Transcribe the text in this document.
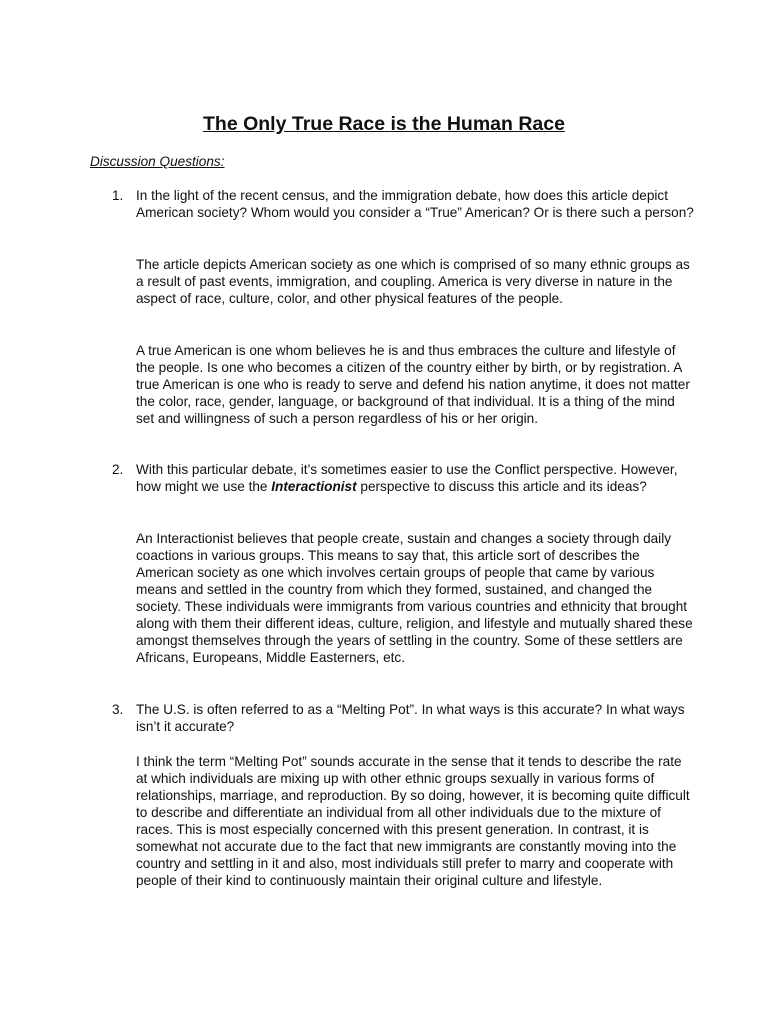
The Only True Race is the Human Race
Discussion Questions:
1. In the light of the recent census, and the immigration debate, how does this article depict American society? Whom would you consider a “True” American? Or is there such a person?
The article depicts American society as one which is comprised of so many ethnic groups as a result of past events, immigration, and coupling. America is very diverse in nature in the aspect of race, culture, color, and other physical features of the people.
A true American is one whom believes he is and thus embraces the culture and lifestyle of the people. Is one who becomes a citizen of the country either by birth, or by registration. A true American is one who is ready to serve and defend his nation anytime, it does not matter the color, race, gender, language, or background of that individual. It is a thing of the mind set and willingness of such a person regardless of his or her origin.
2. With this particular debate, it’s sometimes easier to use the Conflict perspective. However, how might we use the Interactionist perspective to discuss this article and its ideas?
An Interactionist believes that people create, sustain and changes a society through daily coactions in various groups. This means to say that, this article sort of describes the American society as one which involves certain groups of people that came by various means and settled in the country from which they formed, sustained, and changed the society. These individuals were immigrants from various countries and ethnicity that brought along with them their different ideas, culture, religion, and lifestyle and mutually shared these amongst themselves through the years of settling in the country. Some of these settlers are Africans, Europeans, Middle Easterners, etc.
3. The U.S. is often referred to as a “Melting Pot”. In what ways is this accurate? In what ways isn’t it accurate?
I think the term “Melting Pot” sounds accurate in the sense that it tends to describe the rate at which individuals are mixing up with other ethnic groups sexually in various forms of relationships, marriage, and reproduction. By so doing, however, it is becoming quite difficult to describe and differentiate an individual from all other individuals due to the mixture of races. This is most especially concerned with this present generation. In contrast, it is somewhat not accurate due to the fact that new immigrants are constantly moving into the country and settling in it and also, most individuals still prefer to marry and cooperate with people of their kind to continuously maintain their original culture and lifestyle.
